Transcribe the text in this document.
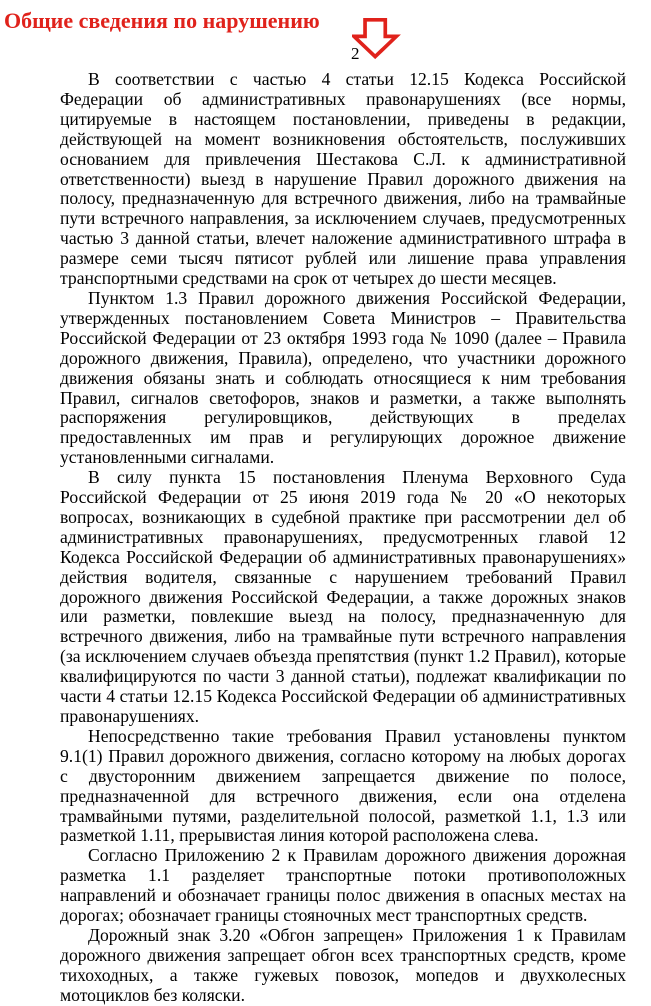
Общие сведения по нарушению
2

В соответствии с частью 4 статьи 12.15 Кодекса Российской Федерации об административных правонарушениях (все нормы, цитируемые в настоящем постановлении, приведены в редакции, действующей на момент возникновения обстоятельств, послуживших основанием для привлечения Шестакова С.Л. к административной ответственности) выезд в нарушение Правил дорожного движения на полосу, предназначенную для встречного движения, либо на трамвайные пути встречного направления, за исключением случаев, предусмотренных частью 3 данной статьи, влечет наложение административного штрафа в размере семи тысяч пятисот рублей или лишение права управления транспортными средствами на срок от четырех до шести месяцев.

Пунктом 1.3 Правил дорожного движения Российской Федерации, утвержденных постановлением Совета Министров – Правительства Российской Федерации от 23 октября 1993 года № 1090 (далее – Правила дорожного движения, Правила), определено, что участники дорожного движения обязаны знать и соблюдать относящиеся к ним требования Правил, сигналов светофоров, знаков и разметки, а также выполнять распоряжения регулировщиков, действующих в пределах предоставленных им прав и регулирующих дорожное движение установленными сигналами.

В силу пункта 15 постановления Пленума Верховного Суда Российской Федерации от 25 июня 2019 года № 20 «О некоторых вопросах, возникающих в судебной практике при рассмотрении дел об административных правонарушениях, предусмотренных главой 12 Кодекса Российской Федерации об административных правонарушениях» действия водителя, связанные с нарушением требований Правил дорожного движения Российской Федерации, а также дорожных знаков или разметки, повлекшие выезд на полосу, предназначенную для встречного движения, либо на трамвайные пути встречного направления (за исключением случаев объезда препятствия (пункт 1.2 Правил), которые квалифицируются по части 3 данной статьи), подлежат квалификации по части 4 статьи 12.15 Кодекса Российской Федерации об административных правонарушениях.

Непосредственно такие требования Правил установлены пунктом 9.1(1) Правил дорожного движения, согласно которому на любых дорогах с двусторонним движением запрещается движение по полосе, предназначенной для встречного движения, если она отделена трамвайными путями, разделительной полосой, разметкой 1.1, 1.3 или разметкой 1.11, прерывистая линия которой расположена слева.

Согласно Приложению 2 к Правилам дорожного движения дорожная разметка 1.1 разделяет транспортные потоки противоположных направлений и обозначает границы полос движения в опасных местах на дорогах; обозначает границы стояночных мест транспортных средств.

Дорожный знак 3.20 «Обгон запрещен» Приложения 1 к Правилам дорожного движения запрещает обгон всех транспортных средств, кроме тихоходных, а также гужевых повозок, мопедов и двухколесных мотоциклов без коляски.
